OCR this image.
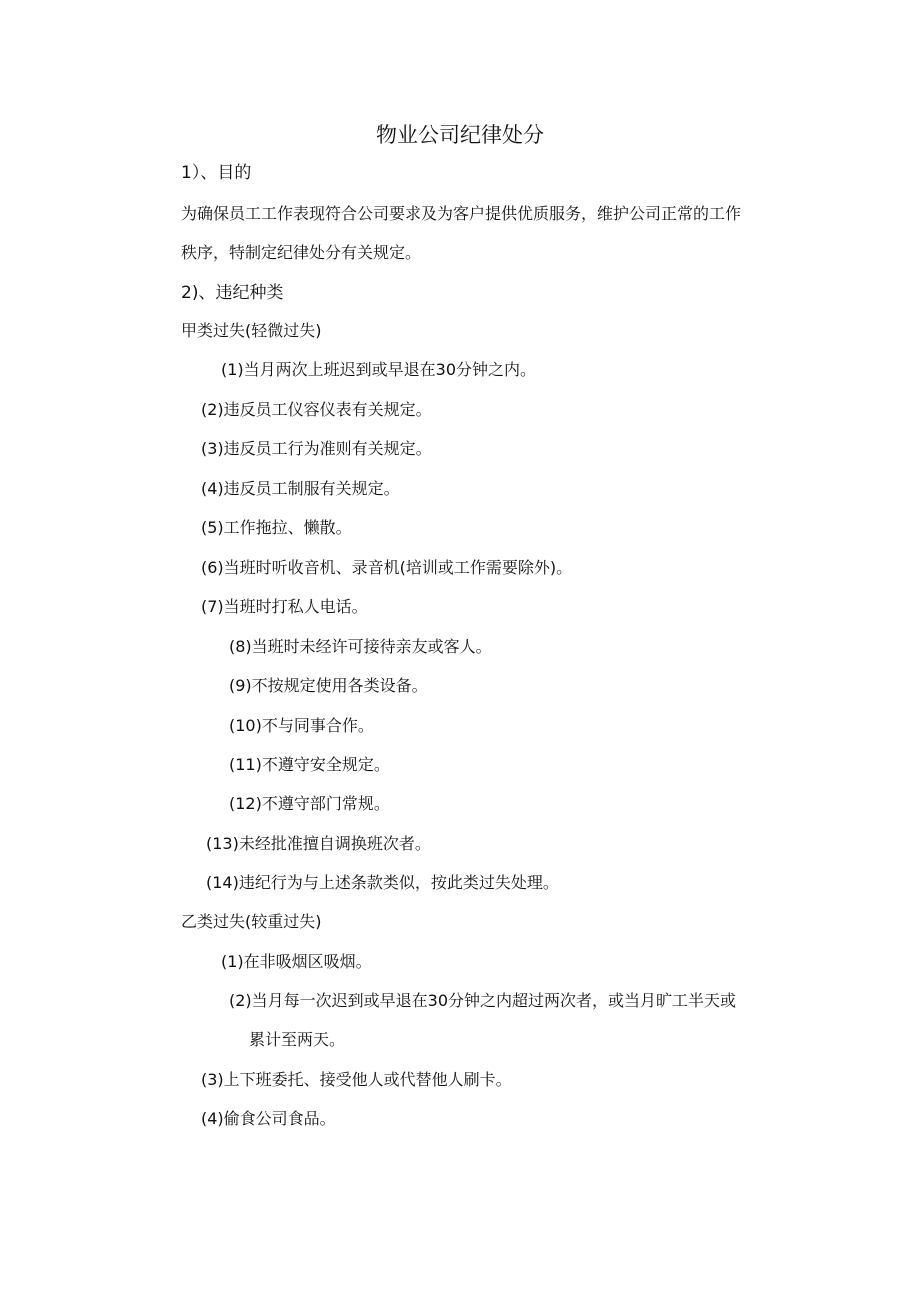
物业公司纪律处分
1）、目的
为确保员工工作表现符合公司要求及为客户提供优质服务，维护公司正常的工作
秩序，特制定纪律处分有关规定。
2)、违纪种类
甲类过失(轻微过失)
(1)当月两次上班迟到或早退在30分钟之内。
(2)违反员工仪容仪表有关规定。
(3)违反员工行为准则有关规定。
(4)违反员工制服有关规定。
(5)工作拖拉、懒散。
(6)当班时听收音机、录音机(培训或工作需要除外)。
(7)当班时打私人电话。
(8)当班时未经许可接待亲友或客人。
(9)不按规定使用各类设备。
(10)不与同事合作。
(11)不遵守安全规定。
(12)不遵守部门常规。
(13)未经批准擅自调换班次者。
(14)违纪行为与上述条款类似，按此类过失处理。
乙类过失(较重过失)
(1)在非吸烟区吸烟。
(2)当月每一次迟到或早退在30分钟之内超过两次者，或当月旷工半天或
累计至两天。
(3)上下班委托、接受他人或代替他人刷卡。
(4)偷食公司食品。
